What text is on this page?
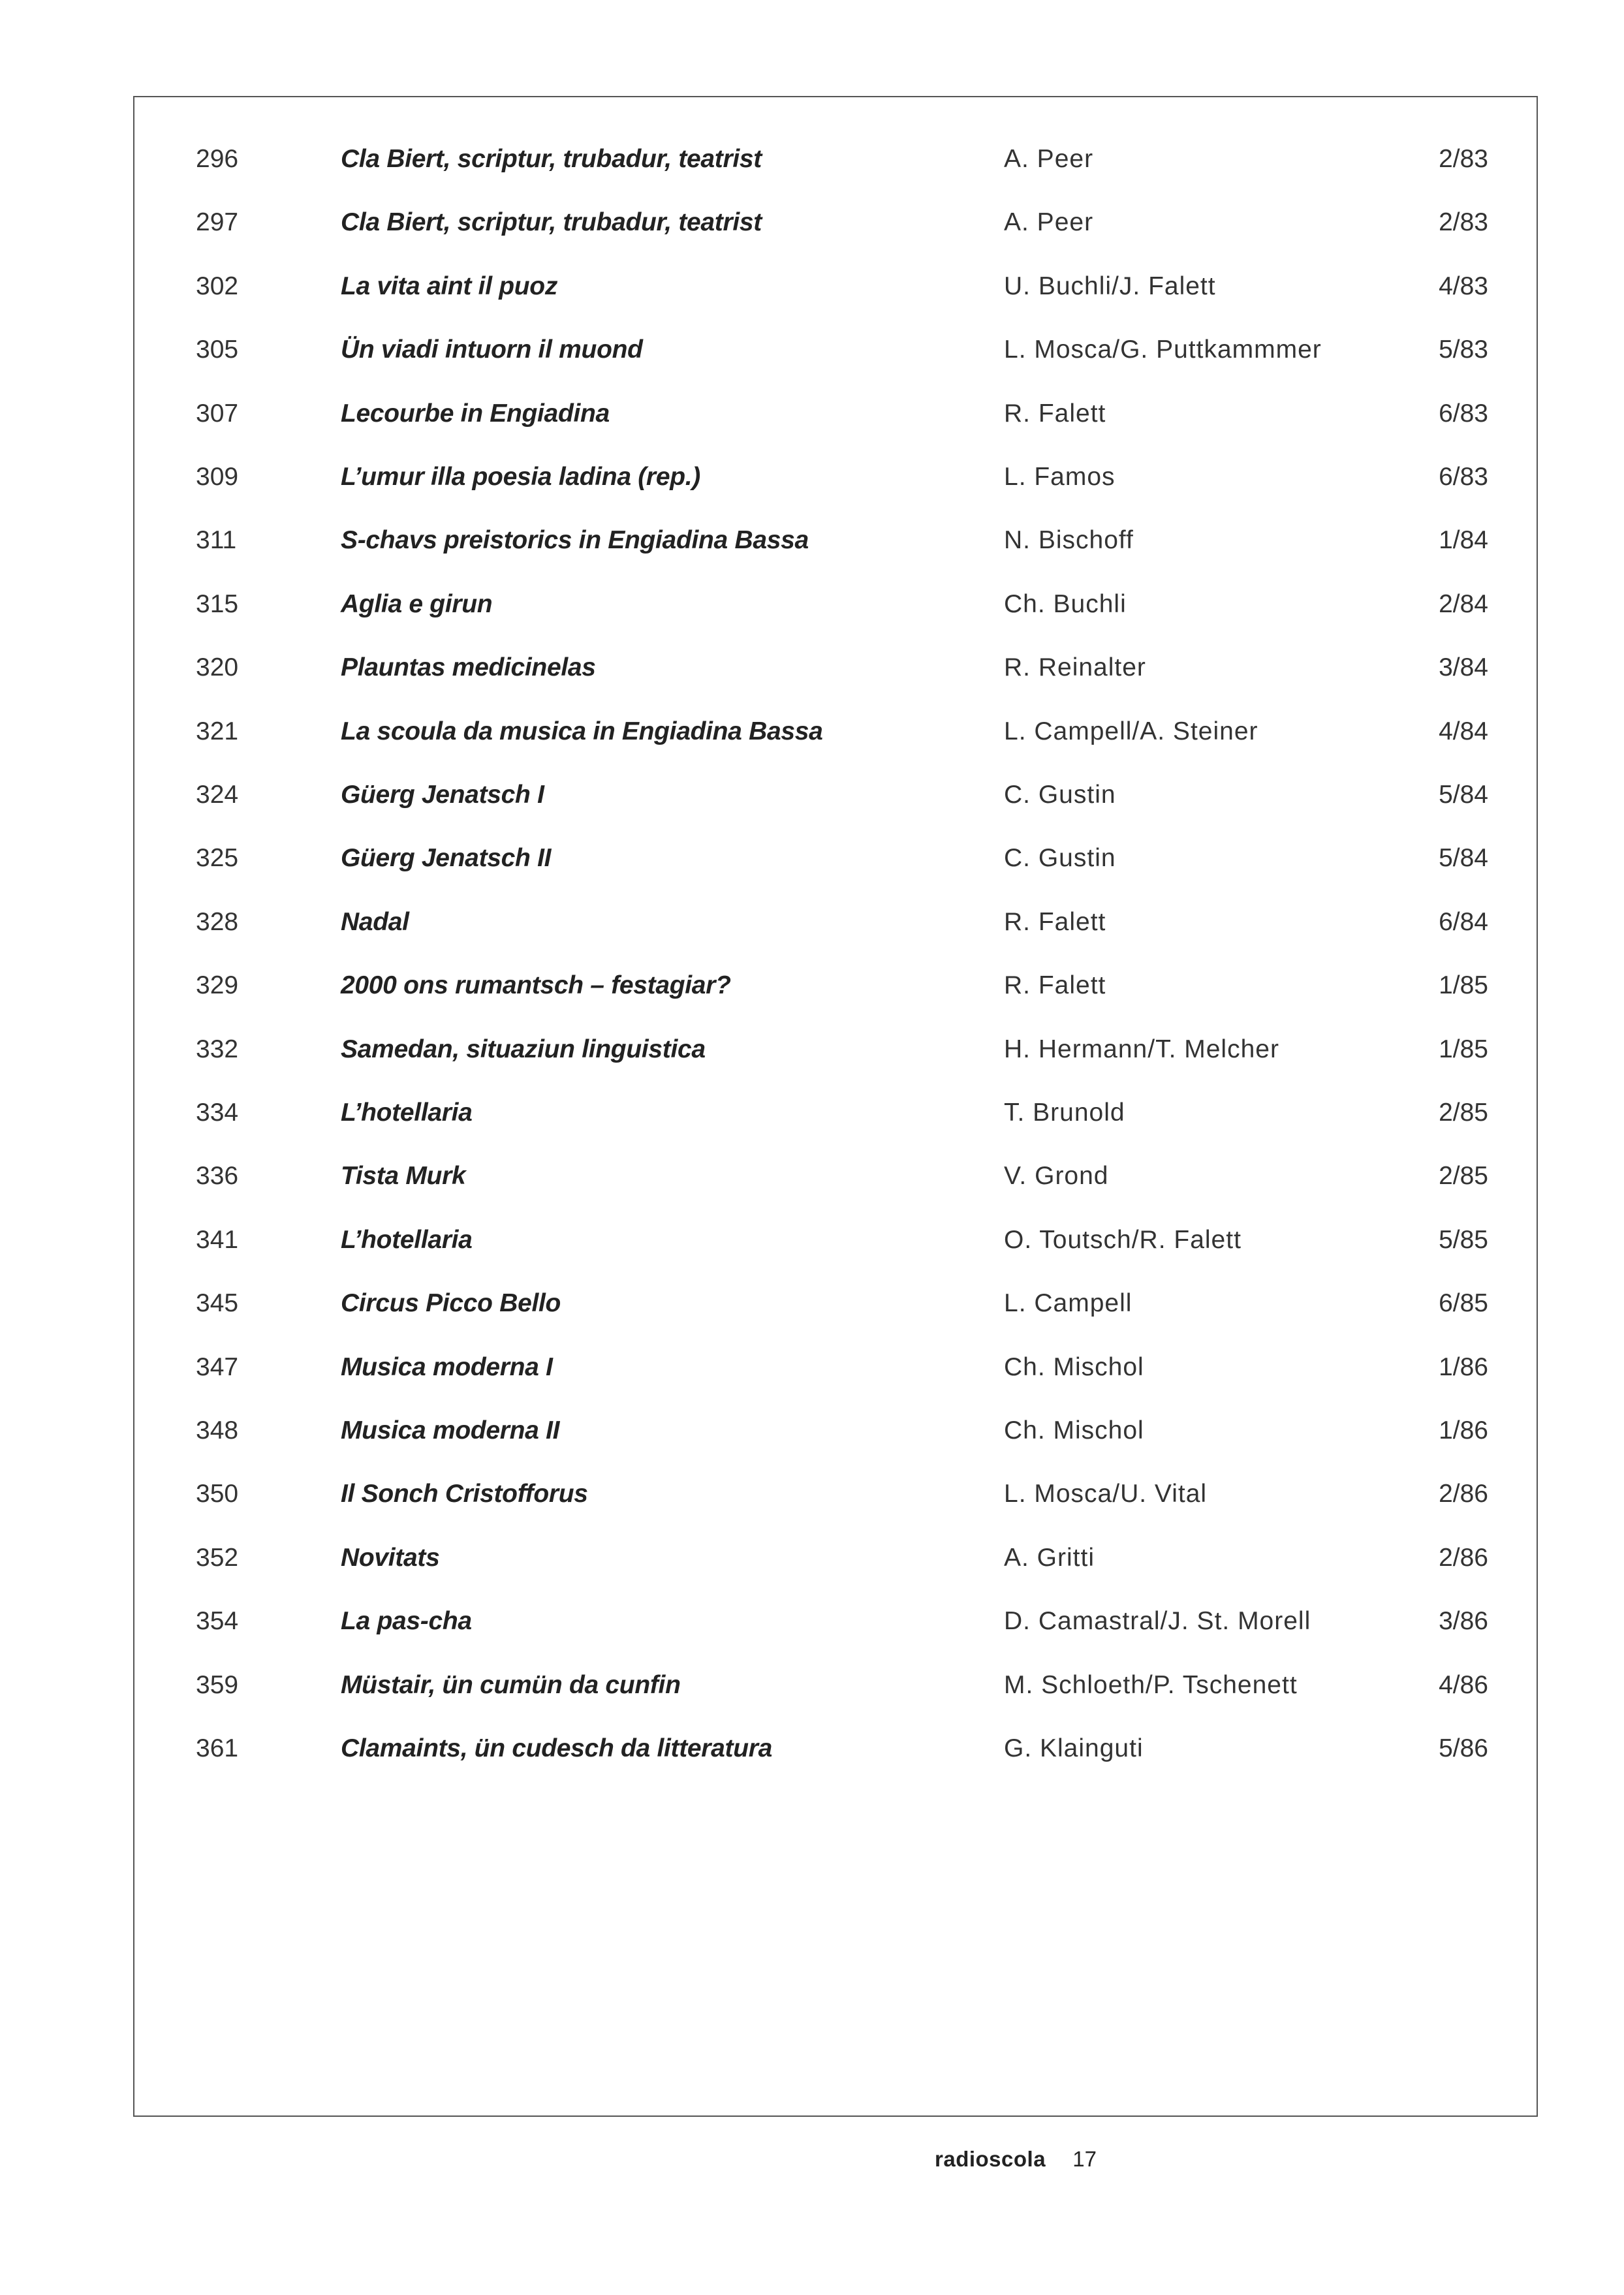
296	Cla Biert, scriptur, trubadur, teatrist	A. Peer	2/83
297	Cla Biert, scriptur, trubadur, teatrist	A. Peer	2/83
302	La vita aint il puoz	U. Buchli/J. Falett	4/83
305	Ün viadi intuorn il muond	L. Mosca/G. Puttkammmer	5/83
307	Lecourbe in Engiadina	R. Falett	6/83
309	L’umur illa poesia ladina (rep.)	L. Famos	6/83
311	S-chavs preistorics in Engiadina Bassa	N. Bischoff	1/84
315	Aglia e girun	Ch. Buchli	2/84
320	Plauntas medicinelas	R. Reinalter	3/84
321	La scoula da musica in Engiadina Bassa	L. Campell/A. Steiner	4/84
324	Güerg Jenatsch I	C. Gustin	5/84
325	Güerg Jenatsch II	C. Gustin	5/84
328	Nadal	R. Falett	6/84
329	2000 ons rumantsch – festagiar?	R. Falett	1/85
332	Samedan, situaziun linguistica	H. Hermann/T. Melcher	1/85
334	L’hotellaria	T. Brunold	2/85
336	Tista Murk	V. Grond	2/85
341	L’hotellaria	O. Toutsch/R. Falett	5/85
345	Circus Picco Bello	L. Campell	6/85
347	Musica moderna I	Ch. Mischol	1/86
348	Musica moderna II	Ch. Mischol	1/86
350	Il Sonch Cristofforus	L. Mosca/U. Vital	2/86
352	Novitats	A. Gritti	2/86
354	La pas-cha	D. Camastral/J. St. Morell	3/86
359	Müstair, ün cumün da cunfin	M. Schloeth/P. Tschenett	4/86
361	Clamaints, ün cudesch da litteratura	G. Klainguti	5/86
radioscola 17
